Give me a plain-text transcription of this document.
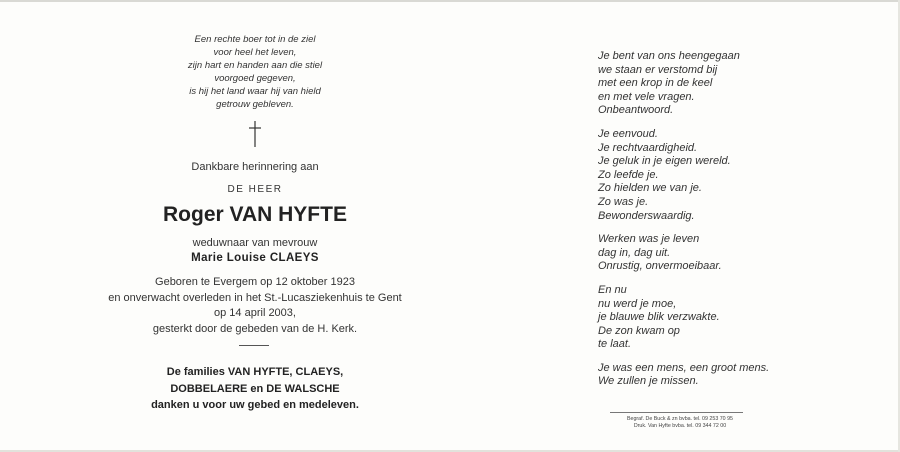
Een rechte boer tot in de ziel
voor heel het leven,
zijn hart en handen aan die stiel
voorgoed gegeven,
is hij het land waar hij van hield
getrouw gebleven.
Dankbare herinnering aan
DE HEER
Roger VAN HYFTE
weduwnaar van mevrouw
Marie Louise CLAEYS
Geboren te Evergem op 12 oktober 1923
en onverwacht overleden in het St.-Lucasziekenhuis te Gent
op 14 april 2003,
gesterkt door de gebeden van de H. Kerk.
De families VAN HYFTE, CLAEYS,
DOBBELAERE en DE WALSCHE
danken u voor uw gebed en medeleven.
Je bent van ons heengegaan
we staan er verstomd bij
met een krop in de keel
en met vele vragen.
Onbeantwoord.
Je eenvoud.
Je rechtvaardigheid.
Je geluk in je eigen wereld.
Zo leefde je.
Zo hielden we van je.
Zo was je.
Bewonderswaardig.
Werken was je leven
dag in, dag uit.
Onrustig, onvermoeibaar.
En nu
nu werd je moe,
je blauwe blik verzwakte.
De zon kwam op
te laat.
Je was een mens, een groot mens.
We zullen je missen.
Begraf. De Buck & zn bvba. tel. 09 253 70 95
Druk. Van Hyfte bvba. tel. 09 344 72 00
